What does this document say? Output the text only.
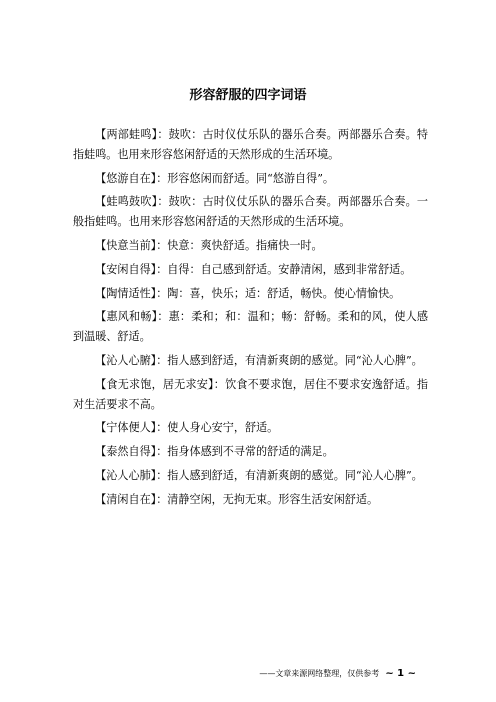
形容舒服的四字词语

【两部蛙鸣】：鼓吹：古时仪仗乐队的器乐合奏。两部器乐合奏。特指蛙鸣。也用来形容悠闲舒适的天然形成的生活环境。

【悠游自在】：形容悠闲而舒适。同“悠游自得”。

【蛙鸣鼓吹】：鼓吹：古时仪仗乐队的器乐合奏。两部器乐合奏。一般指蛙鸣。也用来形容悠闲舒适的天然形成的生活环境。

【快意当前】：快意：爽快舒适。指痛快一时。

【安闲自得】：自得：自己感到舒适。安静清闲，感到非常舒适。

【陶情适性】：陶：喜，快乐；适：舒适，畅快。使心情愉快。

【惠风和畅】：惠：柔和；和：温和；畅：舒畅。柔和的风，使人感到温暖、舒适。

【沁人心腑】：指人感到舒适，有清新爽朗的感觉。同“沁人心脾”。

【食无求饱，居无求安】：饮食不要求饱，居住不要求安逸舒适。指对生活要求不高。

【宁体便人】：使人身心安宁，舒适。

【泰然自得】：指身体感到不寻常的舒适的满足。

【沁人心肺】：指人感到舒适，有清新爽朗的感觉。同“沁人心脾”。

【清闲自在】：清静空闲，无拘无束。形容生活安闲舒适。

——文章来源网络整理，仅供参考 ~ 1 ~
